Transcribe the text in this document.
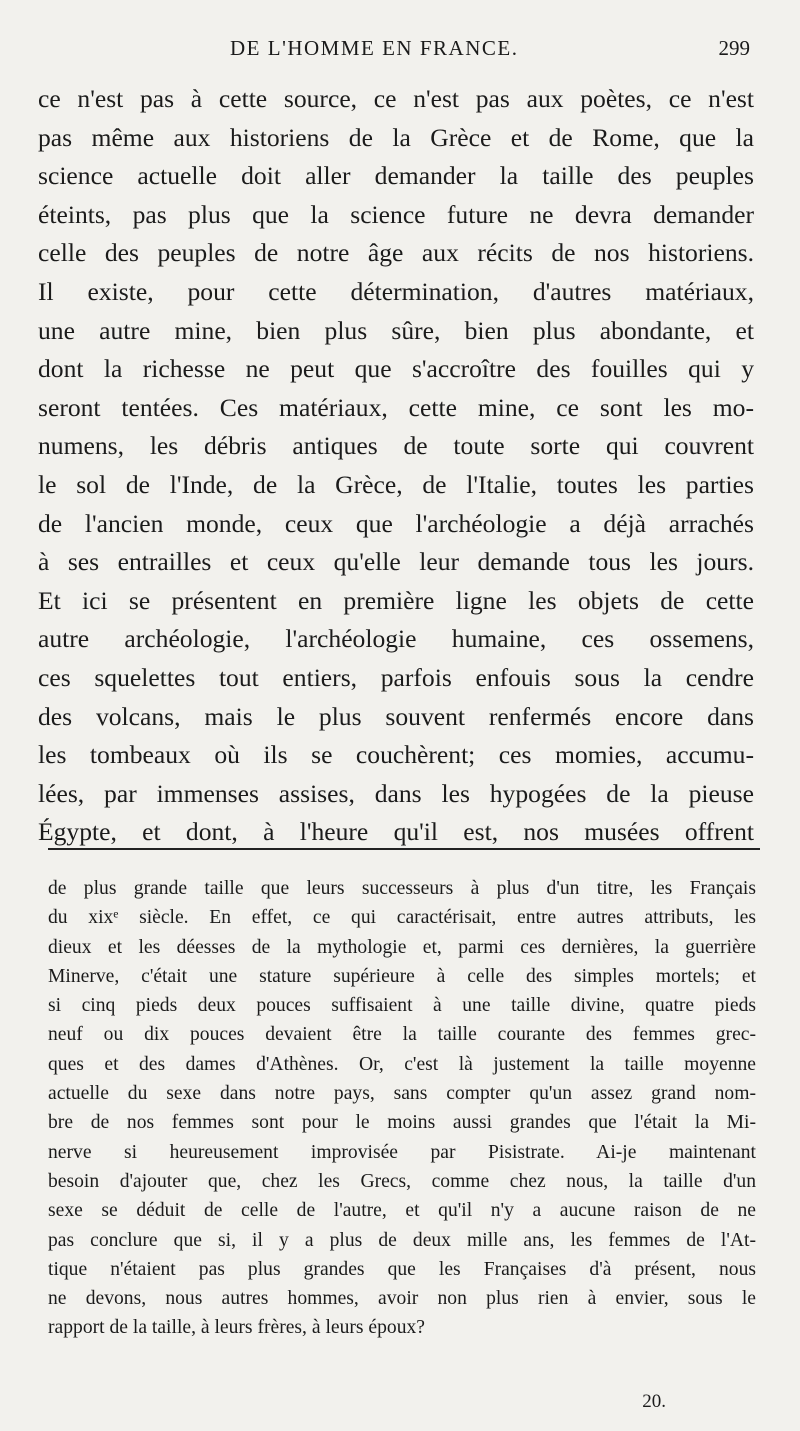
DE L'HOMME EN FRANCE.	299
ce n'est pas à cette source, ce n'est pas aux poètes, ce n'est
pas même aux historiens de la Grèce et de Rome, que la
science actuelle doit aller demander la taille des peuples
éteints, pas plus que la science future ne devra demander
celle des peuples de notre âge aux récits de nos historiens.
Il existe, pour cette détermination, d'autres matériaux,
une autre mine, bien plus sûre, bien plus abondante, et
dont la richesse ne peut que s'accroître des fouilles qui y
seront tentées. Ces matériaux, cette mine, ce sont les mo-
numens, les débris antiques de toute sorte qui couvrent
le sol de l'Inde, de la Grèce, de l'Italie, toutes les parties
de l'ancien monde, ceux que l'archéologie a déjà arrachés
à ses entrailles et ceux qu'elle leur demande tous les jours.
Et ici se présentent en première ligne les objets de cette
autre archéologie, l'archéologie humaine, ces ossemens,
ces squelettes tout entiers, parfois enfouis sous la cendre
des volcans, mais le plus souvent renfermés encore dans
les tombeaux où ils se couchèrent; ces momies, accumu-
lées, par immenses assises, dans les hypogées de la pieuse
Égypte, et dont, à l'heure qu'il est, nos musées offrent
de plus grande taille que leurs successeurs à plus d'un titre, les Français
du xixᵉ siècle. En effet, ce qui caractérisait, entre autres attributs, les
dieux et les déesses de la mythologie et, parmi ces dernières, la guerrière
Minerve, c'était une stature supérieure à celle des simples mortels; et
si cinq pieds deux pouces suffisaient à une taille divine, quatre pieds
neuf ou dix pouces devaient être la taille courante des femmes grec-
ques et des dames d'Athènes. Or, c'est là justement la taille moyenne
actuelle du sexe dans notre pays, sans compter qu'un assez grand nom-
bre de nos femmes sont pour le moins aussi grandes que l'était la Mi-
nerve si heureusement improvisée par Pisistrate. Ai-je maintenant
besoin d'ajouter que, chez les Grecs, comme chez nous, la taille d'un
sexe se déduit de celle de l'autre, et qu'il n'y a aucune raison de ne
pas conclure que si, il y a plus de deux mille ans, les femmes de l'At-
tique n'étaient pas plus grandes que les Françaises d'à présent, nous
ne devons, nous autres hommes, avoir non plus rien à envier, sous le
rapport de la taille, à leurs frères, à leurs époux?
20.
